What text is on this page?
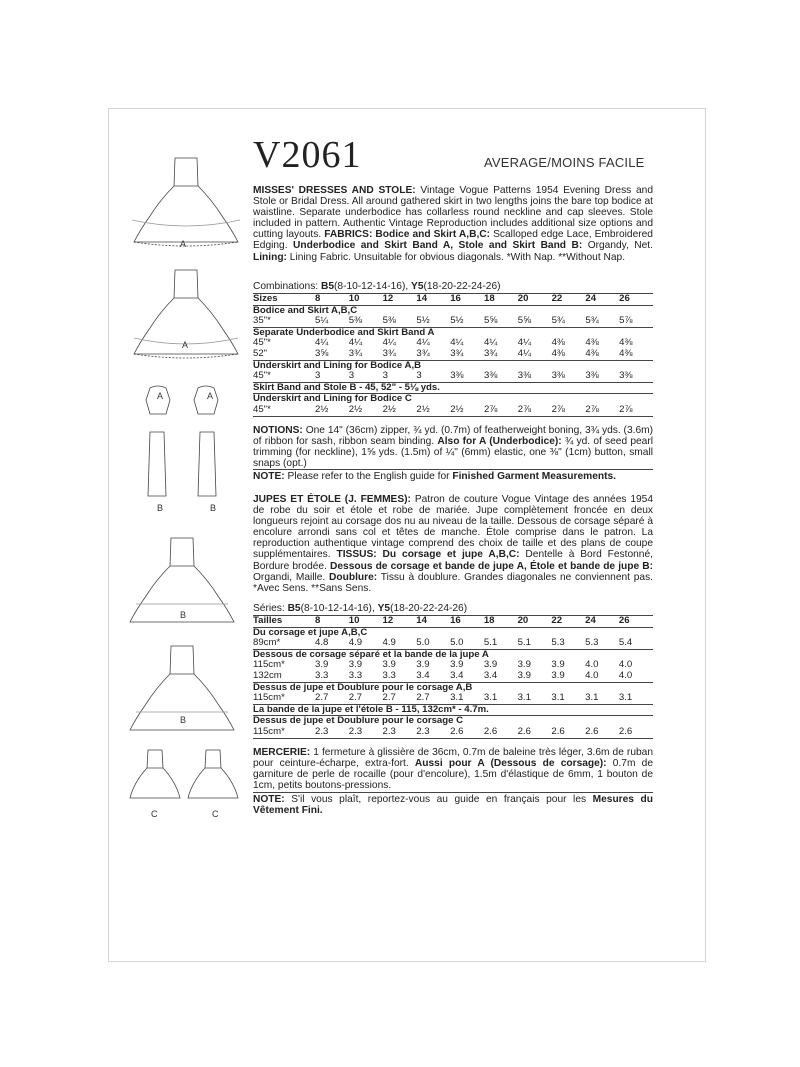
A
A
A	A
B	B
B
B
C	C
V2061	AVERAGE/MOINS FACILE
MISSES' DRESSES AND STOLE: Vintage Vogue Patterns 1954 Evening Dress and Stole or Bridal Dress. All around gathered skirt in two lengths joins the bare top bodice at waistline. Separate underbodice has collarless round neckline and cap sleeves. Stole included in pattern. Authentic Vintage Reproduction includes additional size options and cutting layouts. FABRICS: Bodice and Skirt A,B,C: Scalloped edge Lace, Embroidered Edging. Underbodice and Skirt Band A, Stole and Skirt Band B: Organdy, Net. Lining: Lining Fabric. Unsuitable for obvious diagonals. *With Nap. **Without Nap.
Combinations: B5(8-10-12-14-16), Y5(18-20-22-24-26)
Sizes	8	10	12	14	16	18	20	22	24	26
Bodice and Skirt A,B,C										
35"*	5¼	5⅜	5⅜	5½	5½	5⅝	5⅝	5¾	5¾	5⅞
Separate Underbodice and Skirt Band A										
45"*	4¼	4¼	4¼	4¼	4¼	4¼	4¼	4⅜	4⅜	4⅜
52"	3⅝	3¾	3¾	3¾	3¾	3¾	4¼	4⅜	4⅜	4⅜
Underskirt and Lining for Bodice A,B										
45"*	3	3	3	3	3⅜	3⅜	3⅜	3⅜	3⅜	3⅜
Skirt Band and Stole B - 45, 52" - 5⅛ yds.										
Underskirt and Lining for Bodice C										
45"*	2½	2½	2½	2½	2½	2⅞	2⅞	2⅞	2⅞	2⅞
NOTIONS: One 14" (36cm) zipper, ¾ yd. (0.7m) of featherweight boning, 3¾ yds. (3.6m) of ribbon for sash, ribbon seam binding. Also for A (Underbodice): ¾ yd. of seed pearl trimming (for neckline), 1⅝ yds. (1.5m) of ¼" (6mm) elastic, one ⅜" (1cm) button, small snaps (opt.)
NOTE: Please refer to the English guide for Finished Garment Measurements.
JUPES ET ÉTOLE (J. FEMMES): Patron de couture Vogue Vintage des années 1954 de robe du soir et étole et robe de mariée. Jupe complètement froncée en deux longueurs rejoint au corsage dos nu au niveau de la taille. Dessous de corsage séparé à encolure arrondi sans col et têtes de manche. Étole comprise dans le patron. La reproduction authentique vintage comprend des choix de taille et des plans de coupe supplémentaires. TISSUS: Du corsage et jupe A,B,C: Dentelle à Bord Festonné, Bordure brodée. Dessous de corsage et bande de jupe A, Étole et bande de jupe B: Organdi, Maille. Doublure: Tissu à doublure. Grandes diagonales ne conviennent pas. *Avec Sens. **Sans Sens.
Séries: B5(8-10-12-14-16), Y5(18-20-22-24-26)
Tailles	8	10	12	14	16	18	20	22	24	26
Du corsage et jupe A,B,C										
89cm*	4.8	4.9	4.9	5.0	5.0	5.1	5.1	5.3	5.3	5.4
Dessous de corsage séparé et la bande de la jupe A										
115cm*	3.9	3.9	3.9	3.9	3.9	3.9	3.9	3.9	4.0	4.0
132cm	3.3	3.3	3.3	3.4	3.4	3.4	3.9	3.9	4.0	4.0
Dessus de jupe et Doublure pour le corsage A,B										
115cm*	2.7	2.7	2.7	2.7	3.1	3.1	3.1	3.1	3.1	3.1
La bande de la jupe et l'étole B - 115, 132cm* - 4.7m.										
Dessus de jupe et Doublure pour le corsage C										
115cm*	2.3	2.3	2.3	2.3	2.6	2.6	2.6	2.6	2.6	2.6
MERCERIE: 1 fermeture à glissière de 36cm, 0.7m de baleine très léger, 3.6m de ruban pour ceinture-écharpe, extra-fort. Aussi pour A (Dessous de corsage): 0.7m de garniture de perle de rocaille (pour d'encolure), 1.5m d'élastique de 6mm, 1 bouton de 1cm, petits boutons-pressions.
NOTE: S'il vous plaît, reportez-vous au guide en français pour les Mesures du Vêtement Fini.
